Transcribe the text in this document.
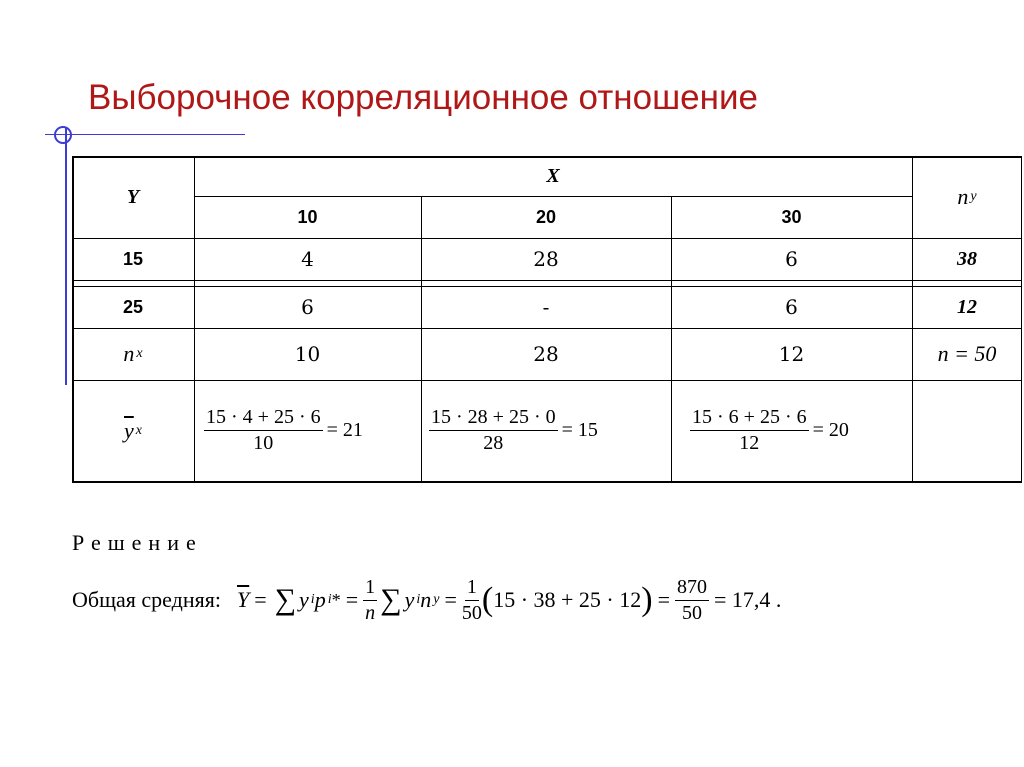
Выборочное корреляционное отношение
Y
X
n y
10	20	30
15	4	28	6	38
25	6	-	6	12
n x	10	28	12	n = 50
$\overline{y}$ x	$\frac{15 \cdot 4 + 25 \cdot 6}{10} = 21$	$\frac{15 \cdot 28 + 25 \cdot 0}{28} = 15$	$\frac{15 \cdot 6 + 25 \cdot 6}{12} = 20$
Решение
Общая средняя: $\overline{Y}$ = ∑ y i p i * = $\frac{1}{n}$ ∑ y i n $y = \frac{1}{50}$ ( 15 · 38 + 25 · 12 ) = $\frac{870}{50} = 17,4$ .
